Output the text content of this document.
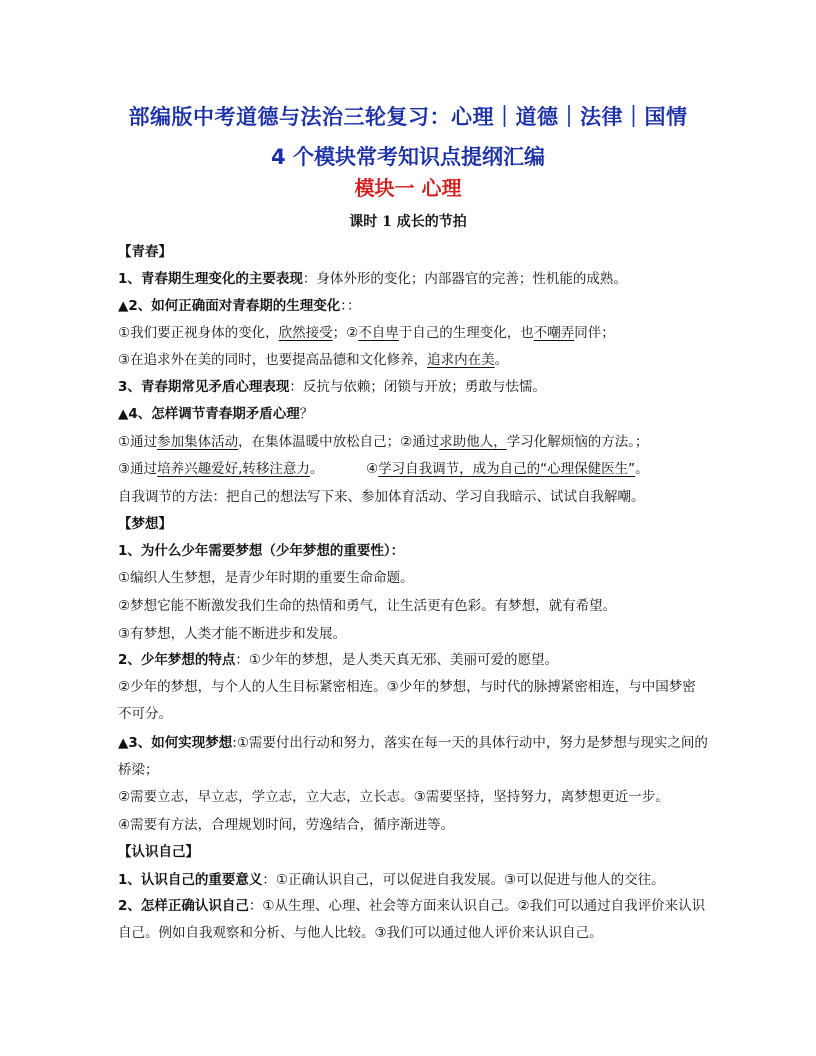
部编版中考道德与法治三轮复习：心理｜道德｜法律｜国情
4 个模块常考知识点提纲汇编
模块一 心理
课时 1 成长的节拍
【青春】
1、青春期生理变化的主要表现：身体外形的变化；内部器官的完善；性机能的成熟。
▲2、如何正确面对青春期的生理变化：：
①我们要正视身体的变化，欣然接受；②不自卑于自己的生理变化，也不嘲弄同伴；
③在追求外在美的同时，也要提高品德和文化修养，追求内在美。
3、青春期常见矛盾心理表现：反抗与依赖；闭锁与开放；勇敢与怯懦。
▲4、怎样调节青春期矛盾心理？
①通过参加集体活动，在集体温暖中放松自己；②通过求助他人，学习化解烦恼的方法。；
③通过培养兴趣爱好,转移注意力。	④学习自我调节，成为自己的“心理保健医生”。
自我调节的方法：把自己的想法写下来、参加体育活动、学习自我暗示、试试自我解嘲。
【梦想】
1、为什么少年需要梦想（少年梦想的重要性）：
①编织人生梦想，是青少年时期的重要生命命题。
②梦想它能不断激发我们生命的热情和勇气，让生活更有色彩。有梦想，就有希望。
③有梦想，人类才能不断进步和发展。
2、少年梦想的特点：①少年的梦想，是人类天真无邪、美丽可爱的愿望。
②少年的梦想，与个人的人生目标紧密相连。③少年的梦想，与时代的脉搏紧密相连，与中国梦密不可分。
▲3、如何实现梦想:①需要付出行动和努力，落实在每一天的具体行动中，努力是梦想与现实之间的桥梁；
②需要立志，早立志，学立志，立大志，立长志。③需要坚持，坚持努力，离梦想更近一步。
④需要有方法，合理规划时间，劳逸结合，循序渐进等。
【认识自己】
1、认识自己的重要意义：①正确认识自己，可以促进自我发展。③可以促进与他人的交往。
2、怎样正确认识自己：①从生理、心理、社会等方面来认识自己。②我们可以通过自我评价来认识自己。例如自我观察和分析、与他人比较。③我们可以通过他人评价来认识自己。
